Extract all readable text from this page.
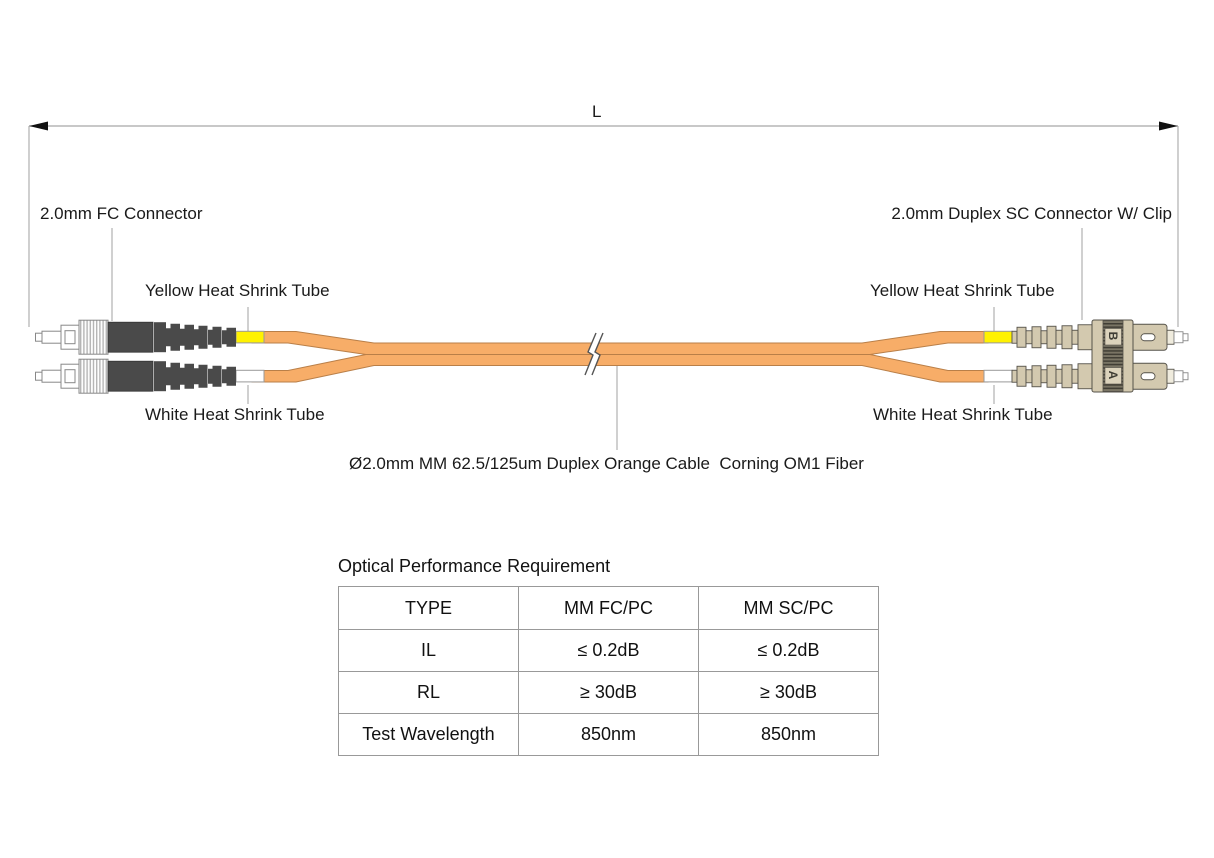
L
2.0mm FC Connector	2.0mm Duplex SC Connector W/ Clip
Yellow Heat Shrink Tube	Yellow Heat Shrink Tube
White Heat Shrink Tube	White Heat Shrink Tube
Ø2.0mm MM 62.5/125um Duplex Orange Cable  Corning OM1 Fiber
B
A
Optical Performance Requirement
TYPE	MM FC/PC	MM SC/PC
IL	≤ 0.2dB	≤ 0.2dB
RL	≥ 30dB	≥ 30dB
Test Wavelength	850nm	850nm
